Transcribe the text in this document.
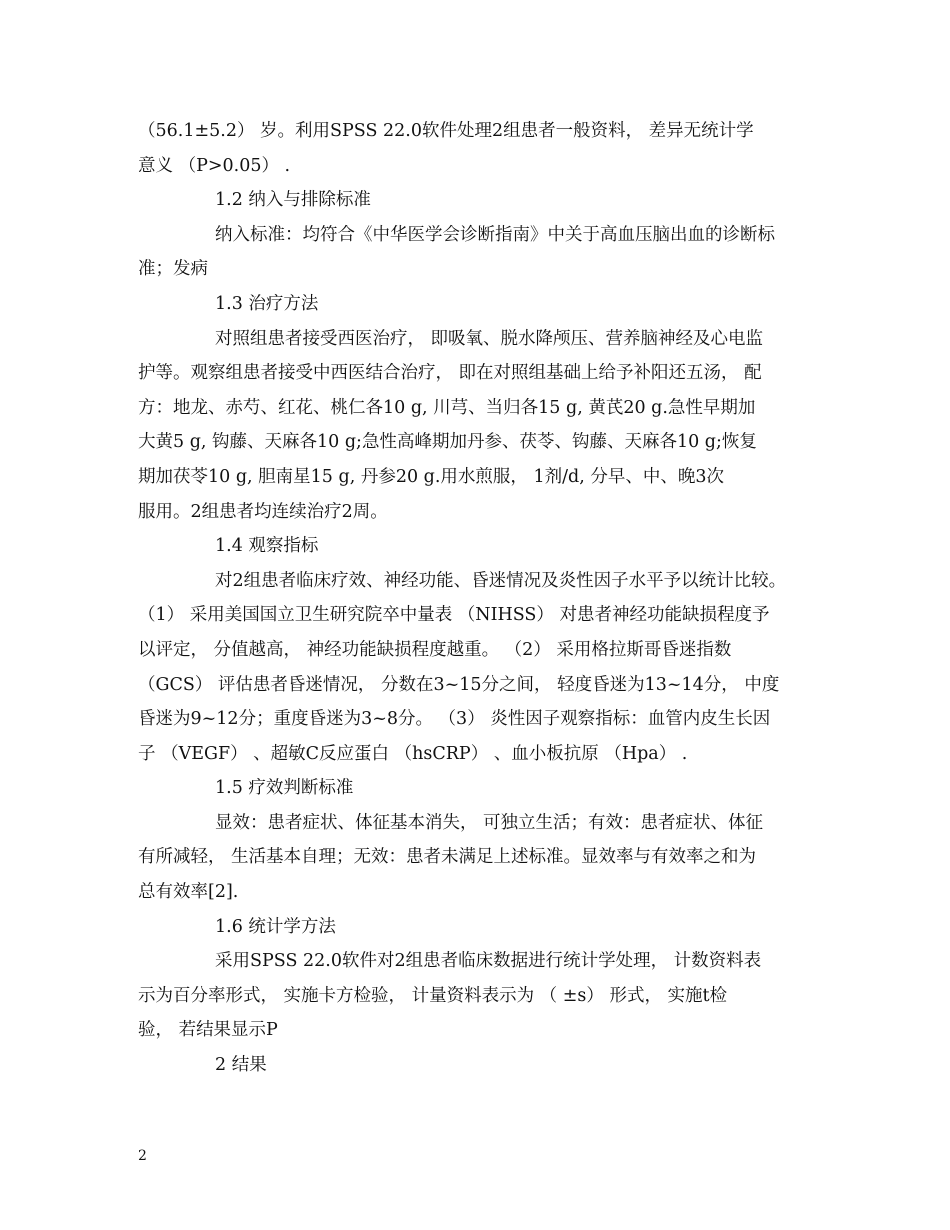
（56.1±5.2） 岁。利用SPSS 22.0软件处理2组患者一般资料， 差异无统计学
意义 （P>0.05） .
1.2 纳入与排除标准
纳入标准：均符合《中华医学会诊断指南》中关于高血压脑出血的诊断标
准；发病
1.3 治疗方法
对照组患者接受西医治疗， 即吸氧、脱水降颅压、营养脑神经及心电监
护等。观察组患者接受中西医结合治疗， 即在对照组基础上给予补阳还五汤， 配
方：地龙、赤芍、红花、桃仁各10 g, 川芎、当归各15 g, 黄芪20 g.急性早期加
大黄5 g, 钩藤、天麻各10 g;急性高峰期加丹参、茯苓、钩藤、天麻各10 g;恢复
期加茯苓10 g, 胆南星15 g, 丹参20 g.用水煎服， 1剂/d, 分早、中、晚3次
服用。2组患者均连续治疗2周。
1.4 观察指标
对2组患者临床疗效、神经功能、昏迷情况及炎性因子水平予以统计比较。
（1） 采用美国国立卫生研究院卒中量表 （NIHSS） 对患者神经功能缺损程度予
以评定， 分值越高， 神经功能缺损程度越重。 （2） 采用格拉斯哥昏迷指数
（GCS） 评估患者昏迷情况， 分数在3~15分之间， 轻度昏迷为13~14分， 中度
昏迷为9~12分；重度昏迷为3~8分。 （3） 炎性因子观察指标：血管内皮生长因
子 （VEGF） 、超敏C反应蛋白 （hsCRP） 、血小板抗原 （Hpa） .
1.5 疗效判断标准
显效：患者症状、体征基本消失， 可独立生活；有效：患者症状、体征
有所减轻， 生活基本自理；无效：患者未满足上述标准。显效率与有效率之和为
总有效率[2].
1.6 统计学方法
采用SPSS 22.0软件对2组患者临床数据进行统计学处理， 计数资料表
示为百分率形式， 实施卡方检验， 计量资料表示为 （ ±s） 形式， 实施t检
验， 若结果显示P
2 结果
2
